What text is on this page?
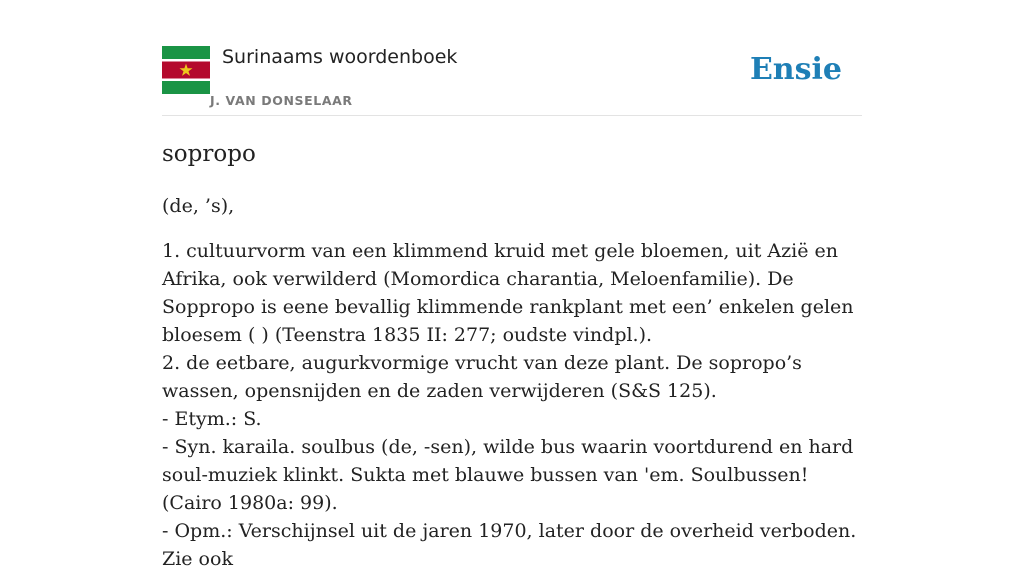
Surinaams woordenboek
J. VAN DONSELAAR
Ensie
sopropo

(de, ’s),

1. cultuurvorm van een klimmend kruid met gele bloemen, uit Azië en Afrika, ook verwilderd (Momordica charantia, Meloenfamilie). De Soppropo is eene bevallig klimmende rankplant met een’ enkelen gelen bloesem ( ) (Teenstra 1835 II: 277; oudste vindpl.).

2. de eetbare, augurkvormige vrucht van deze plant. De sopropo’s wassen, opensnijden en de zaden verwijderen (S&S 125).

- Etym.: S.

- Syn. karaila. soulbus (de, -sen), wilde bus waarin voortdurend en hard soul-muziek klinkt. Sukta met blauwe bussen van 'em. Soulbussen! (Cairo 1980a: 99).

- Opm.: Verschijnsel uit de jaren 1970, later door de overheid verboden. Zie ook
